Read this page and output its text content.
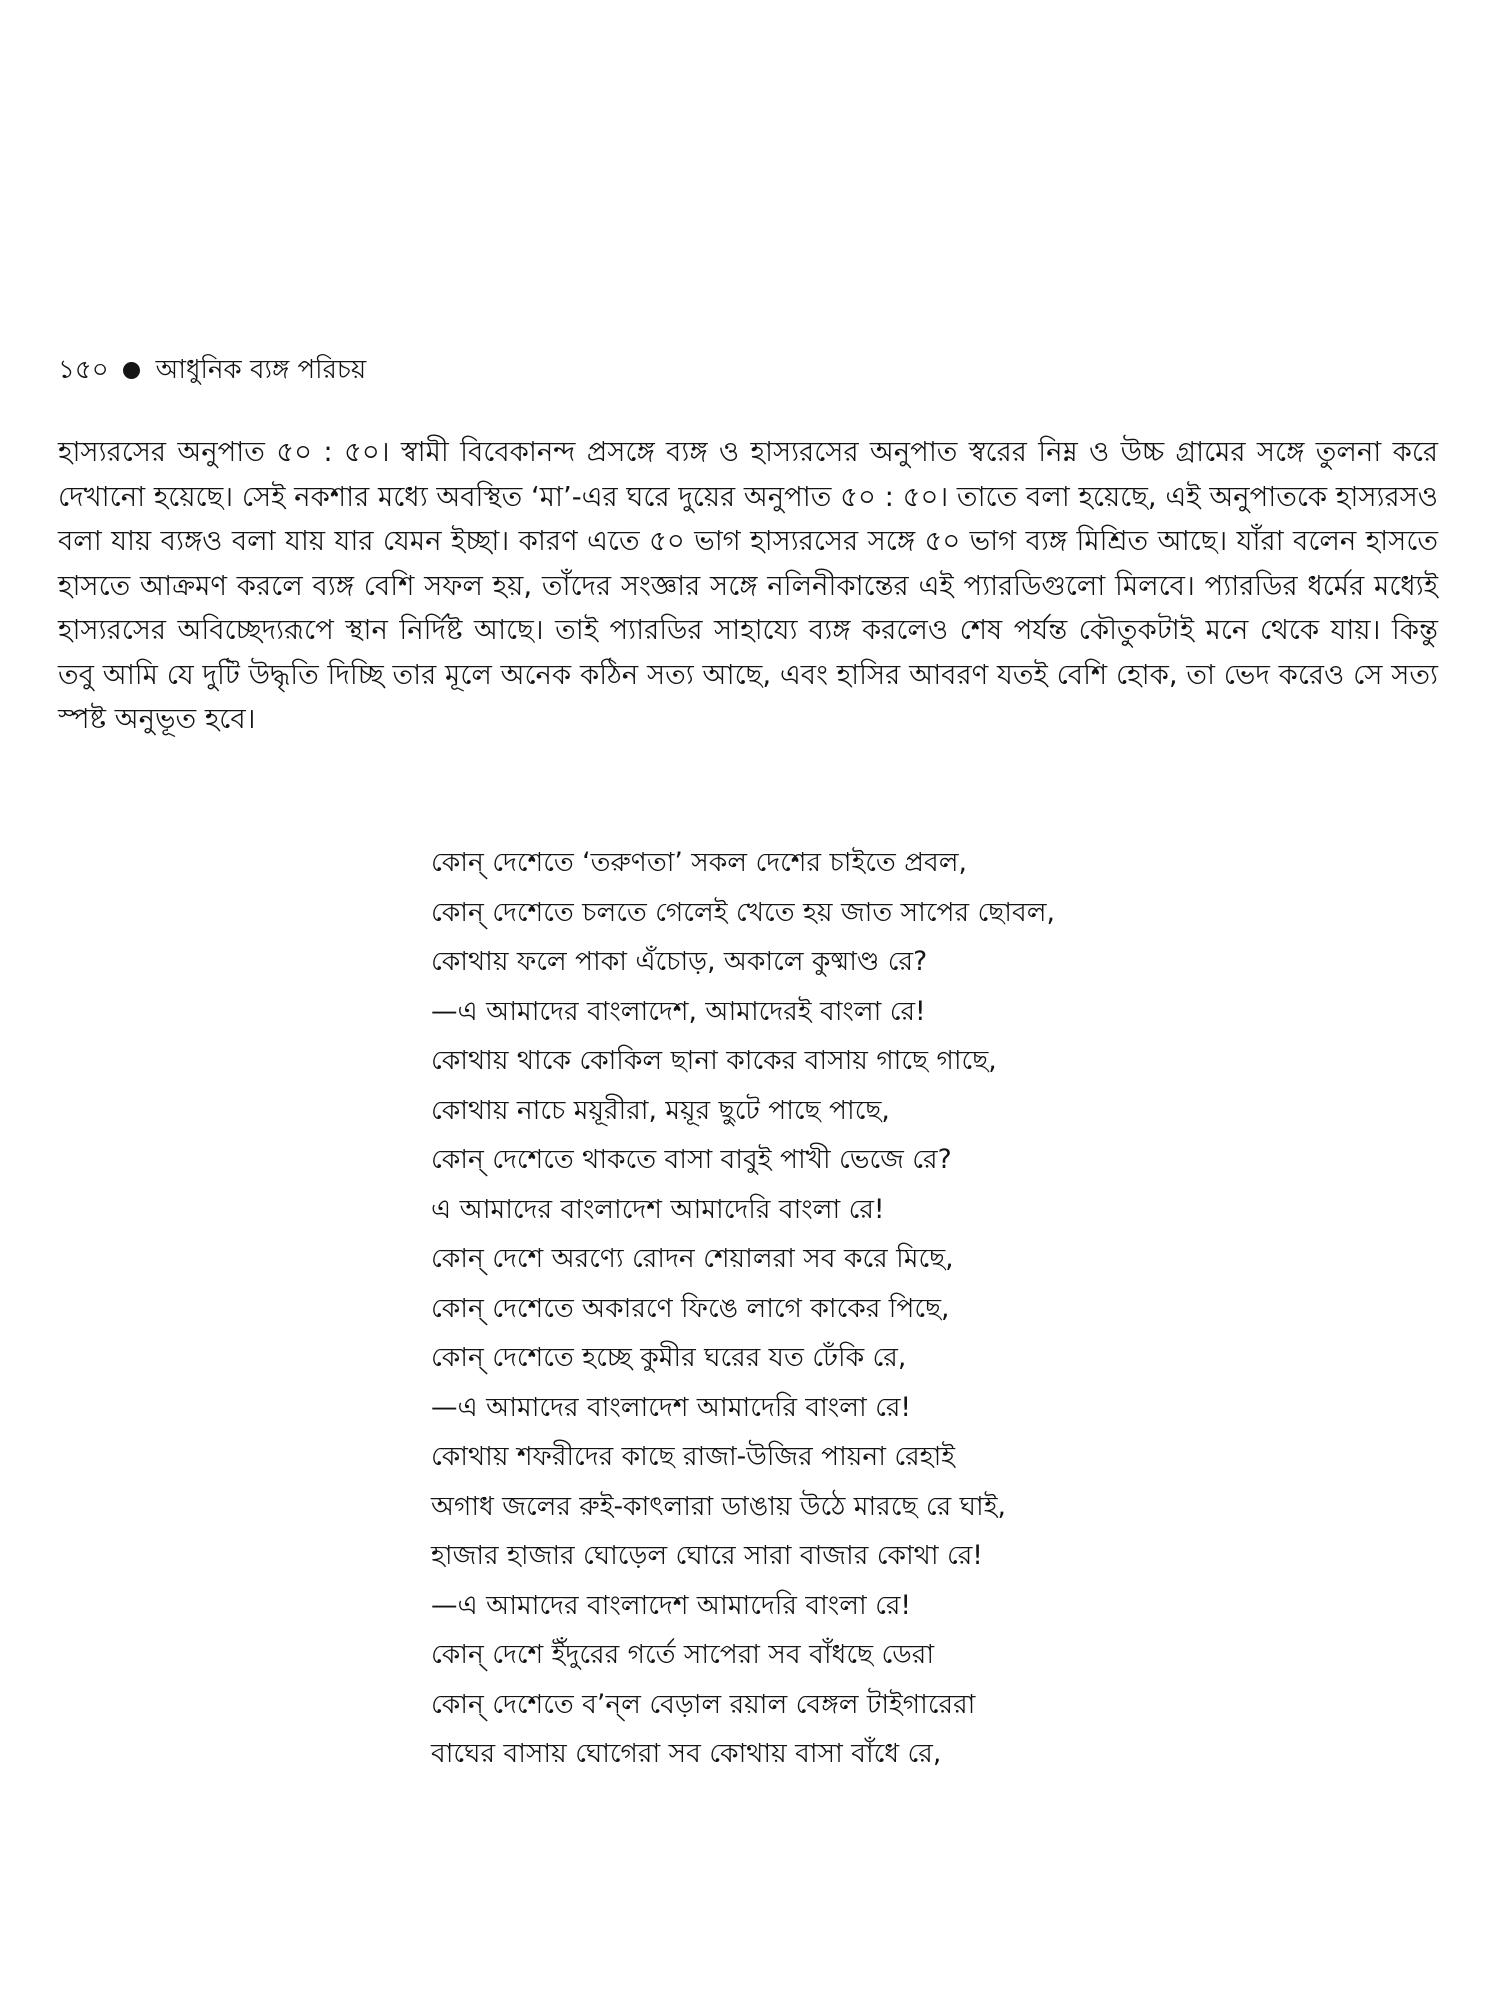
১৫০ আধুনিক ব্যঙ্গ পরিচয়

হাস্যরসের অনুপাত ৫০ : ৫০। স্বামী বিবেকানন্দ প্রসঙ্গে ব্যঙ্গ ও হাস্যরসের অনুপাত স্বরের নিম্ন ও উচ্চ গ্রামের সঙ্গে তুলনা করে দেখানো হয়েছে। সেই নকশার মধ্যে অবস্থিত ‘মা’-এর ঘরে দুয়ের অনুপাত ৫০ : ৫০। তাতে বলা হয়েছে, এই অনুপাতকে হাস্যরসও বলা যায় ব্যঙ্গও বলা যায় যার যেমন ইচ্ছা। কারণ এতে ৫০ ভাগ হাস্যরসের সঙ্গে ৫০ ভাগ ব্যঙ্গ মিশ্রিত আছে। যাঁরা বলেন হাসতে হাসতে আক্রমণ করলে ব্যঙ্গ বেশি সফল হয়, তাঁদের সংজ্ঞার সঙ্গে নলিনীকান্তের এই প্যারডিগুলো মিলবে। প্যারডির ধর্মের মধ্যেই হাস্যরসের অবিচ্ছেদ্যরূপে স্থান নির্দিষ্ট আছে। তাই প্যারডির সাহায্যে ব্যঙ্গ করলেও শেষ পর্যন্ত কৌতুকটাই মনে থেকে যায়। কিন্তু তবু আমি যে দুটি উদ্ধৃতি দিচ্ছি তার মূলে অনেক কঠিন সত্য আছে, এবং হাসির আবরণ যতই বেশি হোক, তা ভেদ করেও সে সত্য স্পষ্ট অনুভূত হবে।

কোন্ দেশেতে ‘তরুণতা’ সকল দেশের চাইতে প্রবল,
কোন্ দেশেতে চলতে গেলেই খেতে হয় জাত সাপের ছোবল,
কোথায় ফলে পাকা এঁচোড়, অকালে কুষ্মাণ্ড রে?
—এ আমাদের বাংলাদেশ, আমাদেরই বাংলা রে!
কোথায় থাকে কোকিল ছানা কাকের বাসায় গাছে গাছে,
কোথায় নাচে ময়ূরীরা, ময়ূর ছুটে পাছে পাছে,
কোন্ দেশেতে থাকতে বাসা বাবুই পাখী ভেজে রে?
এ আমাদের বাংলাদেশ আমাদেরি বাংলা রে!
কোন্ দেশে অরণ্যে রোদন শেয়ালরা সব করে মিছে,
কোন্ দেশেতে অকারণে ফিঙে লাগে কাকের পিছে,
কোন্ দেশেতে হচ্ছে কুমীর ঘরের যত ঢেঁকি রে,
—এ আমাদের বাংলাদেশ আমাদেরি বাংলা রে!
কোথায় শফরীদের কাছে রাজা-উজির পায়না রেহাই
অগাধ জলের রুই-কাৎলারা ডাঙায় উঠে মারছে রে ঘাই,
হাজার হাজার ঘোড়েল ঘোরে সারা বাজার কোথা রে!
—এ আমাদের বাংলাদেশ আমাদেরি বাংলা রে!
কোন্ দেশে ইঁদুরের গর্তে সাপেরা সব বাঁধছে ডেরা
কোন্ দেশেতে ব’ন্‌ল বেড়াল রয়াল বেঙ্গল টাইগারেরা
বাঘের বাসায় ঘোগেরা সব কোথায় বাসা বাঁধে রে,
